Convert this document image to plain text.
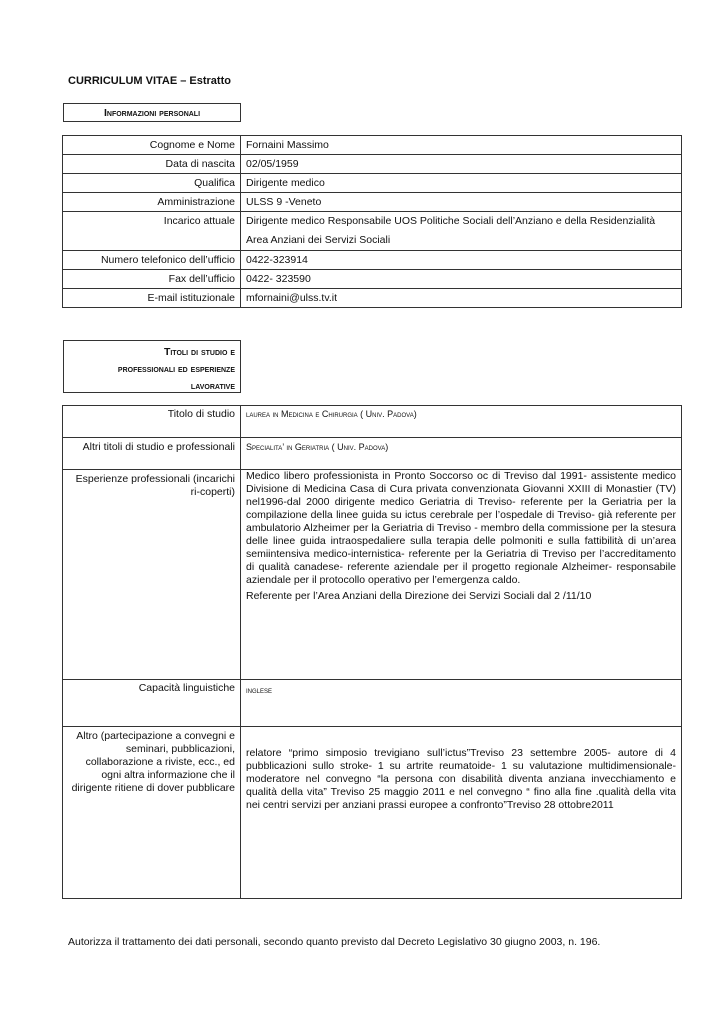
CURRICULUM VITAE – Estratto
Informazioni personali
Cognome e Nome	Fornaini Massimo
Data di nascita	02/05/1959
Qualifica	Dirigente medico
Amministrazione	ULSS 9 -Veneto
Incarico attuale	Dirigente medico Responsabile UOS Politiche Sociali dell’Anziano e della Residenzialità
Area Anziani dei Servizi Sociali

Numero telefonico dell’ufficio	0422-323914
Fax dell’ufficio	0422- 323590
E-mail istituzionale	mfornaini@ulss.tv.it
Titoli di studio e
professionali ed esperienze
lavorative
Titolo di studio	laurea in Medicina e Chirurgia ( Univ. Padova)
Altri titoli di studio e professionali	Specialita’ in Geriatria ( Univ. Padova)
Esperienze professionali (incarichi ri-coperti)	Medico libero professionista in Pronto Soccorso oc di Treviso dal 1991- assistente medico Divisione di Medicina Casa di Cura privata convenzionata Giovanni XXIII di Monastier (TV) nel1996-dal 2000 dirigente medico Geriatria di Treviso- referente per la Geriatria per la compilazione della linee guida su ictus cerebrale per l’ospedale di Treviso- già referente per ambulatorio Alzheimer per la Geriatria di Treviso - membro della commissione per la stesura delle linee guida intraospedaliere sulla terapia delle polmoniti e sulla fattibilità di un’area semiintensiva medico-internistica- referente per la Geriatria di Treviso per l’accreditamento di qualità canadese- referente aziendale per il progetto regionale Alzheimer- responsabile aziendale per il protocollo operativo per l’emergenza caldo.
Referente per l’Area Anziani della Direzione dei Servizi Sociali dal 2 /11/10

Capacità linguistiche	inglese
Altro (partecipazione a convegni e seminari, pubblicazioni, collaborazione a riviste, ecc., ed ogni altra informazione che il dirigente ritiene di dover pubblicare	relatore “primo simposio trevigiano sull’ictus”Treviso 23 settembre 2005- autore di 4 pubblicazioni sullo stroke- 1 su artrite reumatoide- 1 su valutazione multidimensionale- moderatore nel convegno “la persona con disabilità diventa anziana invecchiamento e qualità della vita” Treviso 25 maggio 2011 e nel convegno “ fino alla fine .qualità della vita nei centri servizi per anziani prassi europee a confronto”Treviso 28 ottobre2011
Autorizza il trattamento dei dati personali, secondo quanto previsto dal Decreto Legislativo 30 giugno 2003, n. 196.
